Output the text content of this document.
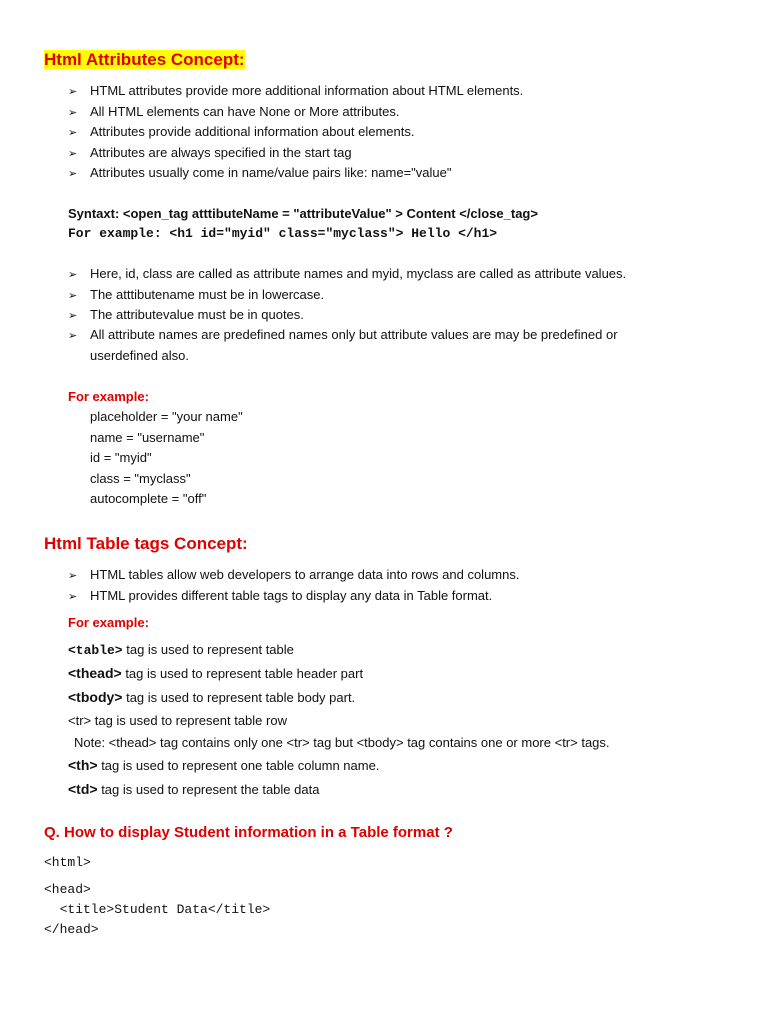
Html Attributes Concept:
➢ HTML attributes provide more additional information about HTML elements.
➢ All HTML elements can have None or More attributes.
➢ Attributes provide additional information about elements.
➢ Attributes are always specified in the start tag
➢ Attributes usually come in name/value pairs like: name="value"
Syntaxt: <open_tag atttibuteName = "attributeValue" > Content </close_tag>
For example: <h1 id="myid" class="myclass"> Hello </h1>
➢ Here, id, class are called as attribute names and myid, myclass are called as attribute values.
➢ The atttibutename must be in lowercase.
➢ The attributevalue must be in quotes.
➢ All attribute names are predefined names only but attribute values are may be predefined or
userdefined also.
For example:
placeholder = "your name"
name = "username"
id = "myid"
class = "myclass"
autocomplete = "off"
Html Table tags Concept:
➢ HTML tables allow web developers to arrange data into rows and columns.
➢ HTML provides different table tags to display any data in Table format.
For example:
<table> tag is used to represent table
<thead> tag is used to represent table header part
<tbody> tag is used to represent table body part.
<tr> tag is used to represent table row
Note: <thead> tag contains only one <tr> tag but <tbody> tag contains one or more <tr> tags.
<th> tag is used to represent one table column name.
<td> tag is used to represent the table data
Q. How to display Student information in a Table format ?
<html>
<head>
<title>Student Data</title>
</head>
